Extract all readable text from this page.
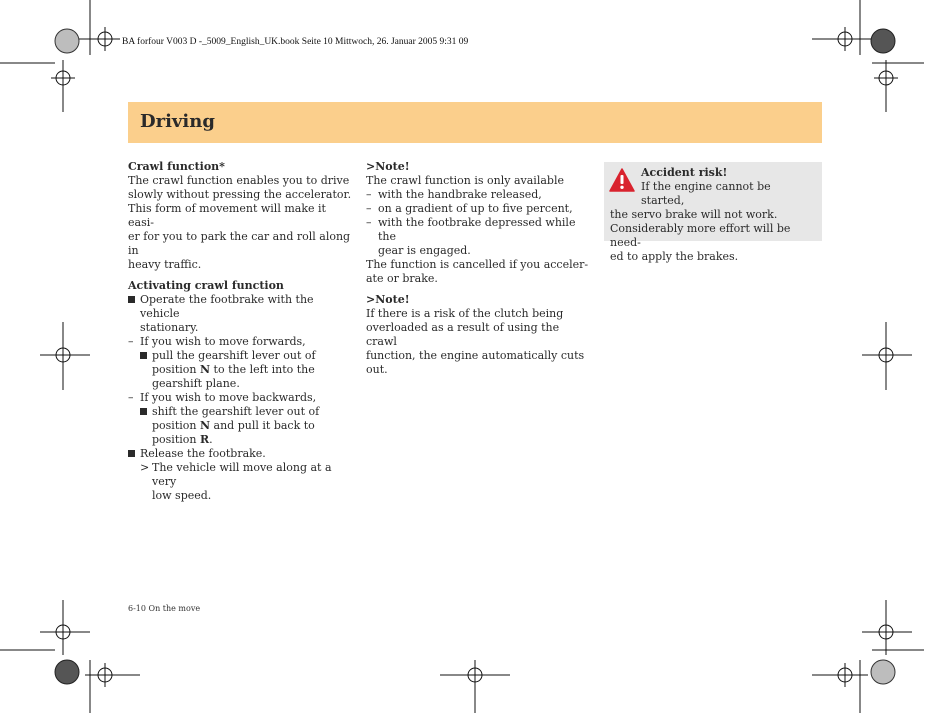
BA forfour V003 D -_5009_English_UK.book Seite 10 Mittwoch, 26. Januar 2005 9:31 09
Driving

Crawl function*

The crawl function enables you to drive

slowly without pressing the accelerator.

This form of movement will make it easi-

er for you to park the car and roll along in

heavy traffic.

Activating crawl function

Operate the footbrake with the vehicle
stationary.
– If you wish to move forwards,
pull the gearshift lever out of
position N to the left into the
gearshift plane.
– If you wish to move backwards,
shift the gearshift lever out of
position N and pull it back to
position R.
Release the footbrake.
> The vehicle will move along at a very
low speed.

>Note!

The crawl function is only available

– with the handbrake released,
– on a gradient of up to five percent,
– with the footbrake depressed while the
gear is engaged.

The function is cancelled if you acceler-

ate or brake.

>Note!

If there is a risk of the clutch being

overloaded as a result of using the crawl

function, the engine automatically cuts

out.

Accident risk!

If the engine cannot be started,

the servo brake will not work.

Considerably more effort will be need-

ed to apply the brakes.

6-10 On the move
